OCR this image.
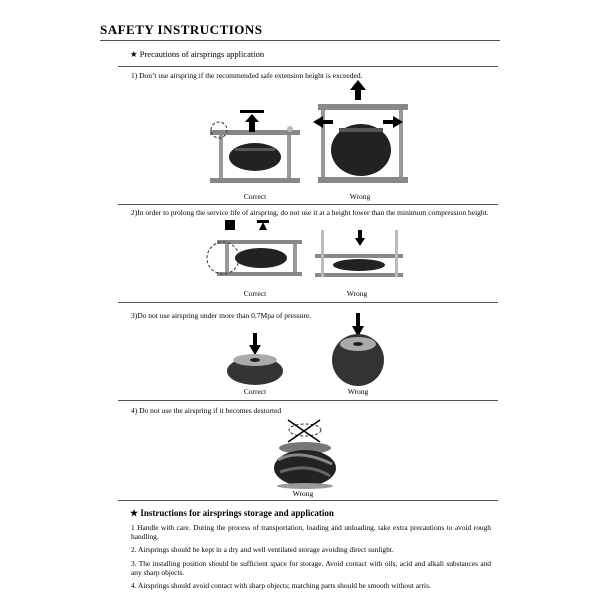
SAFETY INSTRUCTIONS
★ Precautions of airsprings application
1) Don’t use airspring if the recommended safe extension height is exceeded.
Correct	Wrong
2)In order to prolong the service life of airspring, do not use it at a height lower than the minimum compression height.
Correct	Wrong
3)Do not use airspring under more than 0.7Mpa of pressure.
Correct	Wrong
4) Do not use the airspring if it becomes destorted
Wrong
★ Instructions for airsprings storage and application
1 Handle with care. During the process of transportation, loading and unloading, take extra precautions to avoid rough handling.
2. Airsprings should be kept in a dry and well ventilated storage avoiding direct sunlight.
3. The installing position should be sufficient space for storage. Avoid contact with oils, acid and alkali substances and any sharp objects.
4. Airsprings should avoid contact with sharp objects; matching parts should be smooth without arris.
